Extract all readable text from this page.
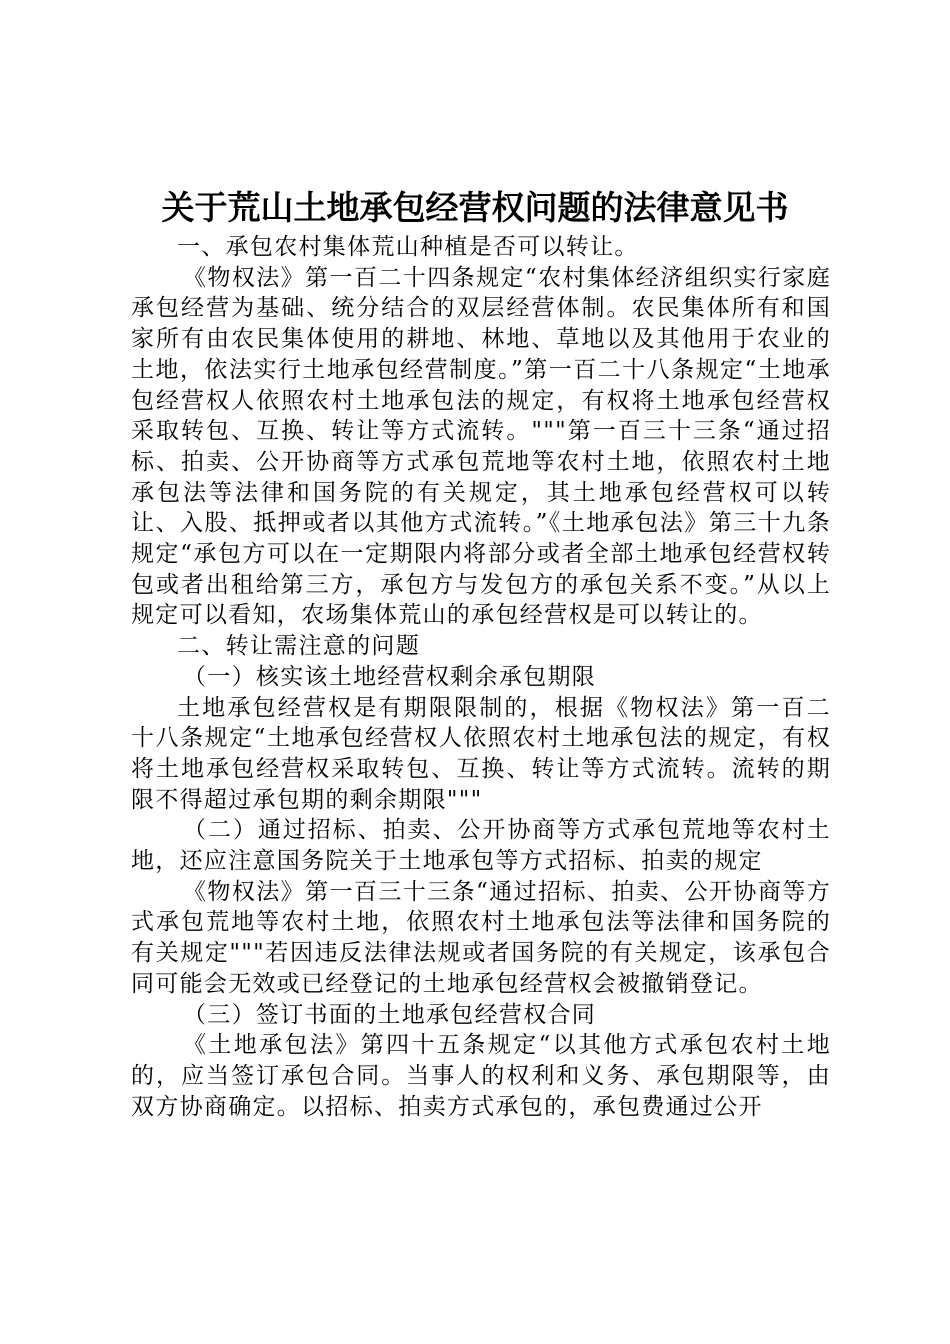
关于荒山土地承包经营权问题的法律意见书

一、承包农村集体荒山种植是否可以转让。

《物权法》第一百二十四条规定“农村集体经济组织实行家庭承包经营为基础、统分结合的双层经营体制。农民集体所有和国家所有由农民集体使用的耕地、林地、草地以及其他用于农业的土地，依法实行土地承包经营制度。”第一百二十八条规定“土地承包经营权人依照农村土地承包法的规定，有权将土地承包经营权采取转包、互换、转让等方式流转。"""第一百三十三条“通过招标、拍卖、公开协商等方式承包荒地等农村土地，依照农村土地承包法等法律和国务院的有关规定，其土地承包经营权可以转让、入股、抵押或者以其他方式流转。”《土地承包法》第三十九条规定“承包方可以在一定期限内将部分或者全部土地承包经营权转包或者出租给第三方，承包方与发包方的承包关系不变。”从以上规定可以看知，农场集体荒山的承包经营权是可以转让的。

二、转让需注意的问题

（一）核实该土地经营权剩余承包期限

土地承包经营权是有期限限制的，根据《物权法》第一百二十八条规定“土地承包经营权人依照农村土地承包法的规定，有权将土地承包经营权采取转包、互换、转让等方式流转。流转的期限不得超过承包期的剩余期限"""

（二）通过招标、拍卖、公开协商等方式承包荒地等农村土地，还应注意国务院关于土地承包等方式招标、拍卖的规定

《物权法》第一百三十三条“通过招标、拍卖、公开协商等方式承包荒地等农村土地，依照农村土地承包法等法律和国务院的有关规定"""若因违反法律法规或者国务院的有关规定，该承包合同可能会无效或已经登记的土地承包经营权会被撤销登记。

（三）签订书面的土地承包经营权合同

《土地承包法》第四十五条规定“以其他方式承包农村土地的，应当签订承包合同。当事人的权利和义务、承包期限等，由双方协商确定。以招标、拍卖方式承包的，承包费通过公开
